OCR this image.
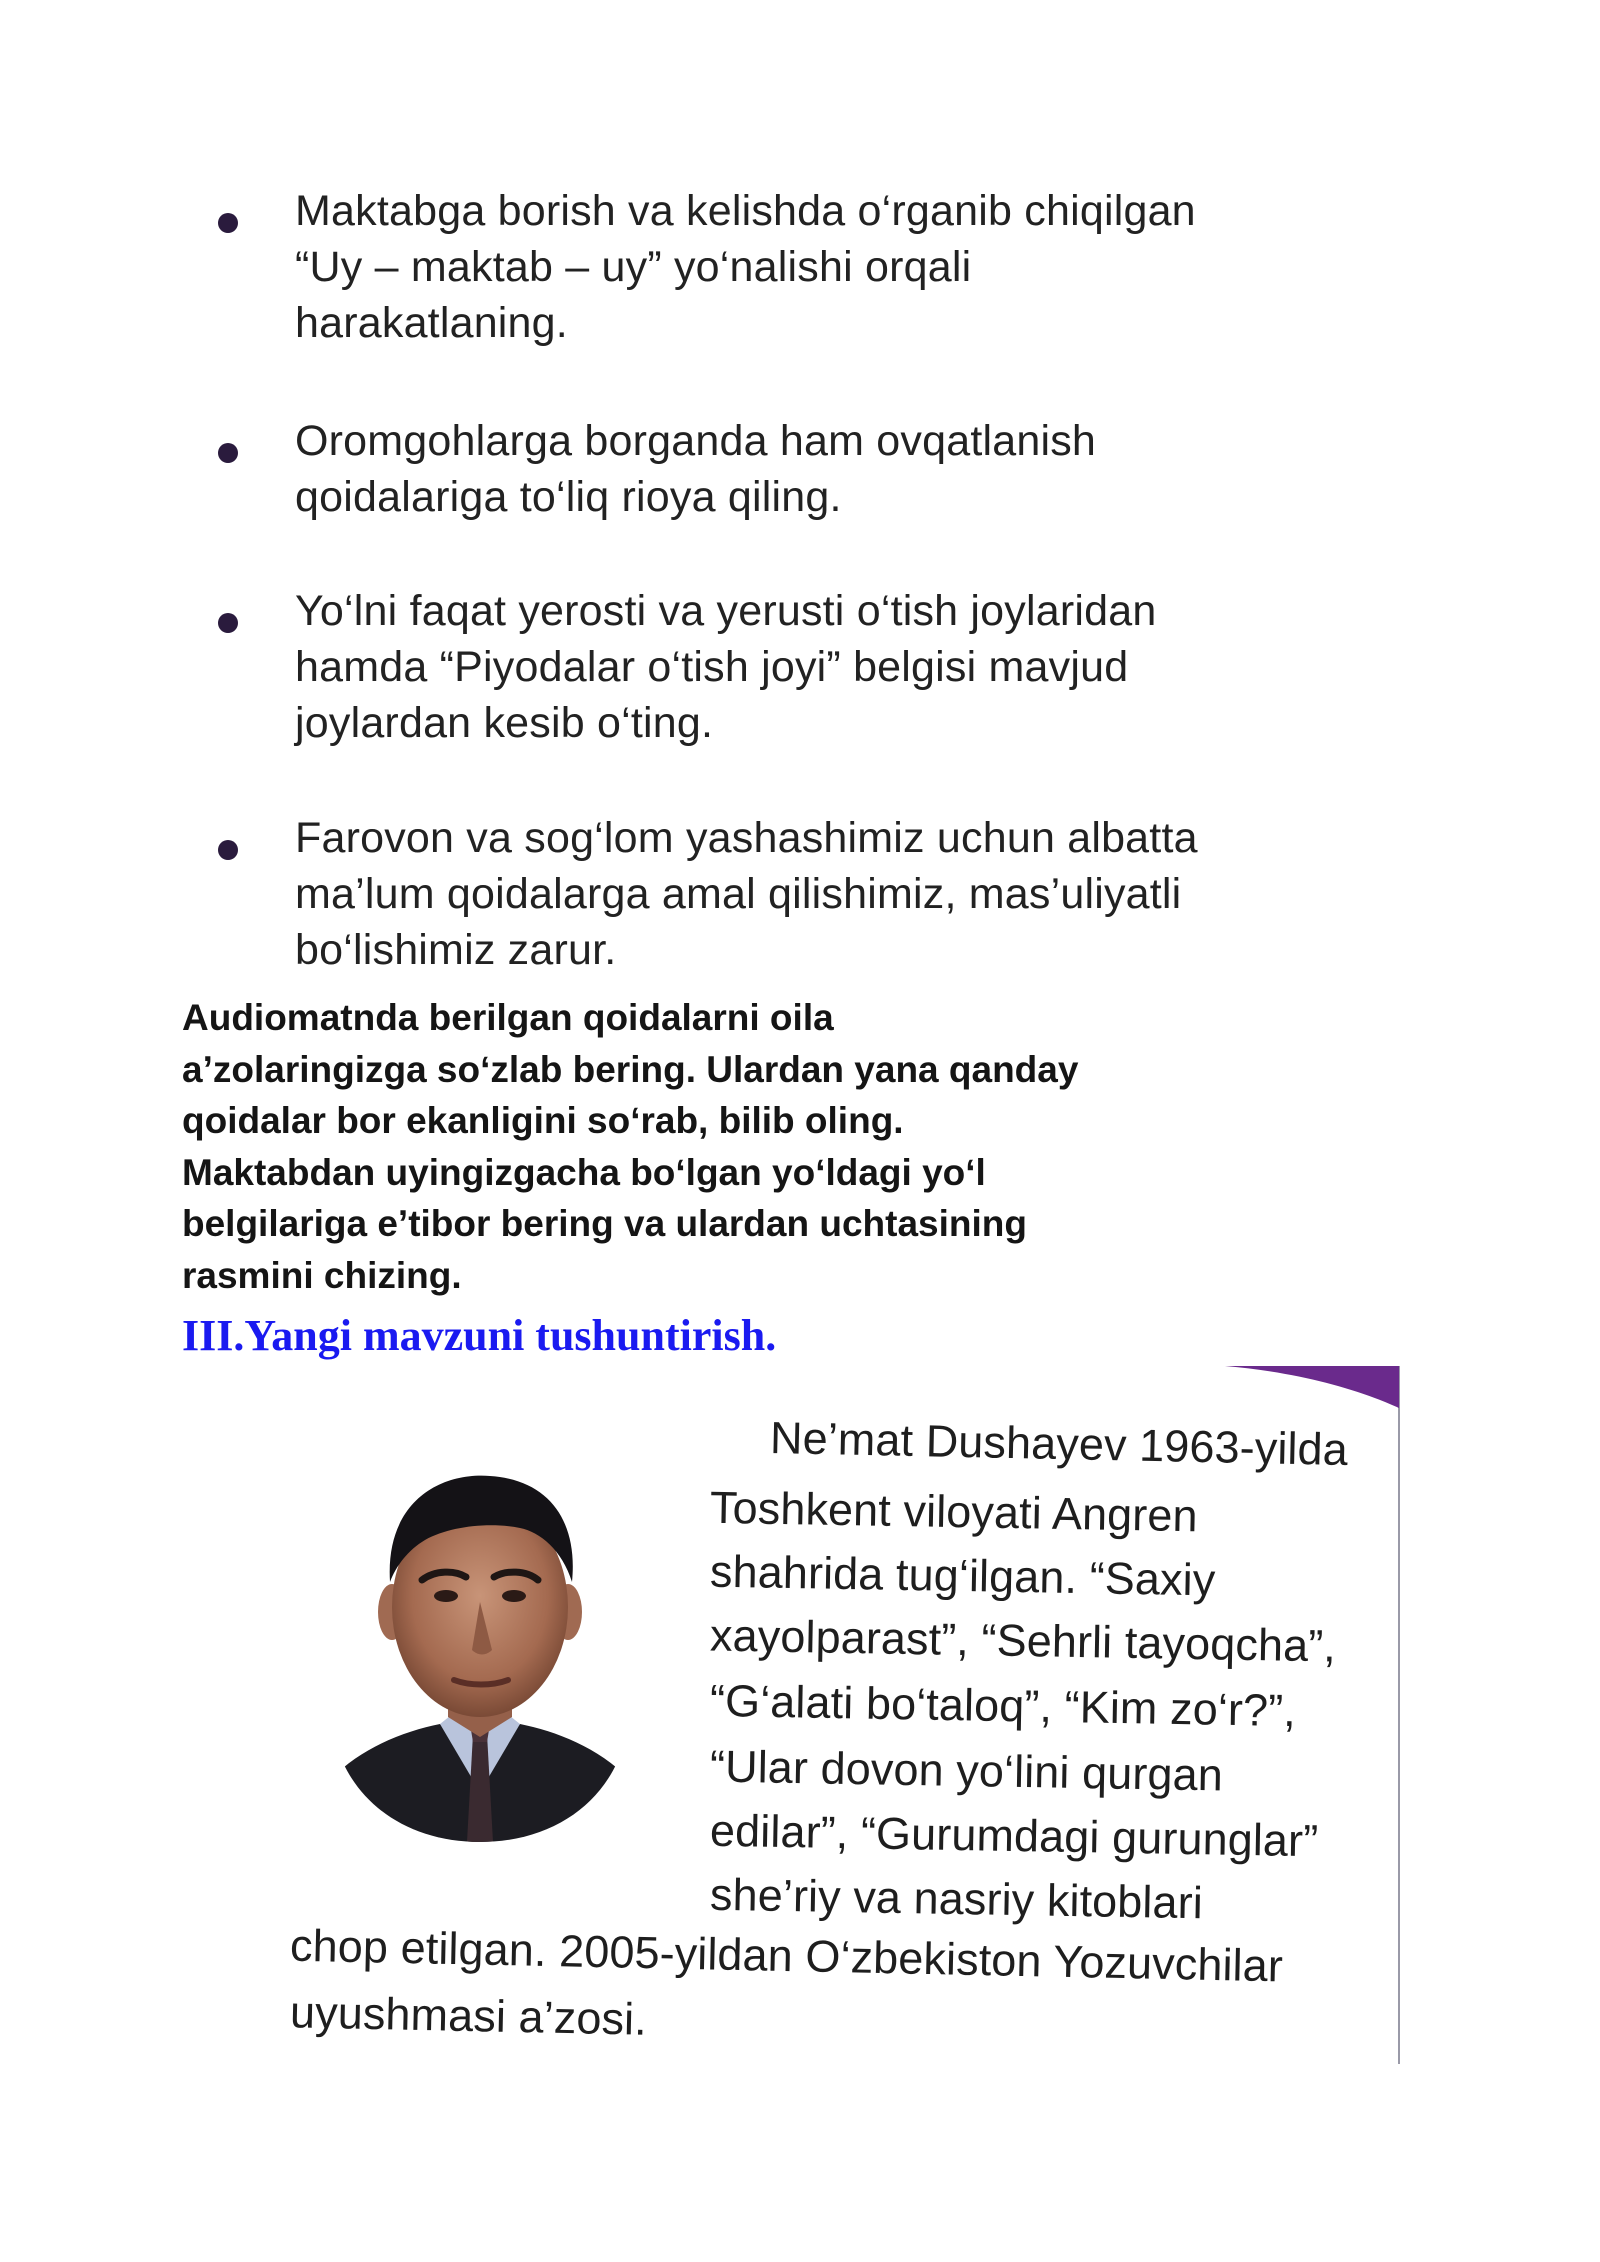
Maktabga borish va kelishda o‘rganib chiqilgan
“Uy – maktab – uy” yo‘nalishi orqali
harakatlaning.
Oromgohlarga borganda ham ovqatlanish
qoidalariga to‘liq rioya qiling.
Yo‘lni faqat yerosti va yerusti o‘tish joylaridan
hamda “Piyodalar o‘tish joyi” belgisi mavjud
joylardan kesib o‘ting.
Farovon va sog‘lom yashashimiz uchun albatta
ma’lum qoidalarga amal qilishimiz, mas’uliyatli
bo‘lishimiz zarur.
Audiomatnda berilgan qoidalarni oila
a’zolaringizga so‘zlab bering. Ulardan yana qanday
qoidalar bor ekanligini so‘rab, bilib oling.
Maktabdan uyingizgacha bo‘lgan yo‘ldagi yo‘l
belgilariga e’tibor bering va ulardan uchtasining
rasmini chizing.
III.Yangi mavzuni tushuntirish.
Ne’mat Dushayev 1963-yilda
Toshkent viloyati Angren
shahrida tug‘ilgan. “Saxiy
xayolparast”, “Sehrli tayoqcha”,
“G‘alati bo‘taloq”, “Kim zo‘r?”,
“Ular dovon yo‘lini qurgan
edilar”, “Gurumdagi gurunglar”
she’riy va nasriy kitoblari
chop etilgan. 2005-yildan O‘zbekiston Yozuvchilar
uyushmasi a’zosi.
